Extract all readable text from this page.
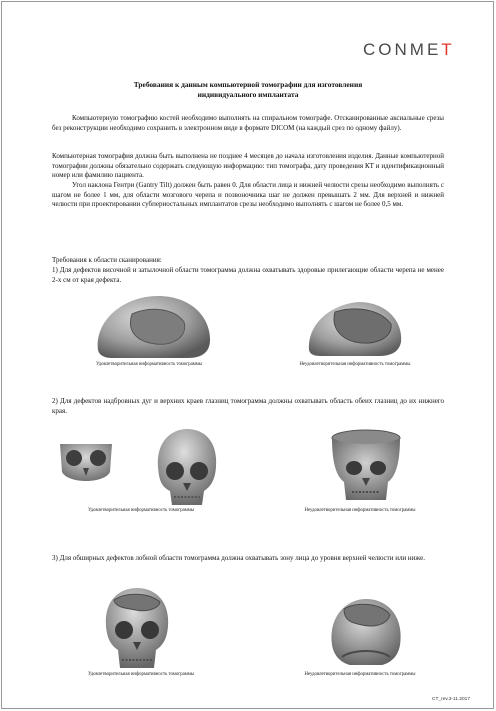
CONMET
Требования к данным компьютерной томографии для изготовления
индивидуального имплантата

Компьютерную томографию костей необходимо выполнять на спиральном томографе. Отсканированные аксиальные срезы без реконструкции необходимо сохранить в электронном виде в формате DICOM (на каждый срез по одному файлу).

Компьютерная томография должна быть выполнена не позднее 4 месяцев до начала изготовления изделия. Данные компьютерной томографии должны обязательно содержать следующую информацию: тип томографа, дату проведения КТ и идентификационный номер или фамилию пациента.

Угол наклона Гентри (Gantry Tilt) должен быть равен 0. Для области лица и нижней челюсти срезы необходимо выполнять с шагом не более 1 мм, для области мозгового черепа и позвоночника шаг не должен превышать 2 мм. Для верхней и нижней челюсти при проектировании субпериостальных имплантатов срезы необходимо выполнять с шагом не более 0,5 мм.

Требования к области сканирования:

1) Для дефектов височной и затылочной области томограмма должна охватывать здоровые прилегающие области черепа не менее 2-х см от края дефекта.

Удовлетворительная информативность томограммы	Неудовлетворительная информативность томограммы

2) Для дефектов надбровных дуг и верхних краев глазниц томограмма должны охватывать область обеих глазниц до их нижнего края.

Удовлетворительная информативность томограммы	Неудовлетворительная информативность томограммы

3) Для обширных дефектов лобной области томограмма должна охватывать зону лица до уровня верхней челюсти или ниже.

Удовлетворительная информативность томограммы	Неудовлетворительная информативность томограммы
CT_rev.3-11.2017
